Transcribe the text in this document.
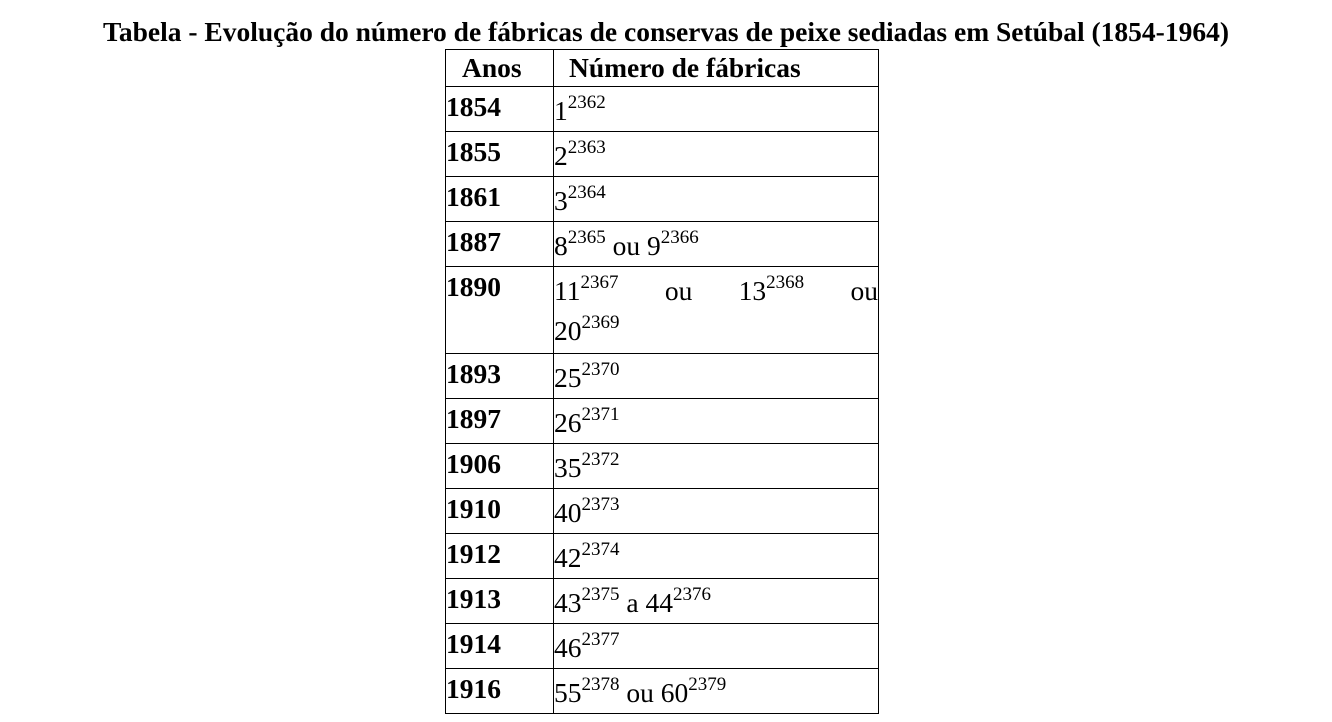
Tabela - Evolução do número de fábricas de conservas de peixe sediadas em Setúbal (1854-1964)
Anos	Número de fábricas
1854	$1^{2362}$

1855	$2^{2363}$

1861	$3^{2364}$

1887	$8^{2365}$ ou $9^{2366}$

1890	$11^{2367}$ ou $13^{2368}$ ou
$20^{2369}$

1893	$25^{2370}$

1897	$26^{2371}$

1906	$35^{2372}$

1910	$40^{2373}$

1912	$42^{2374}$

1913	$43^{2375}$ a $44^{2376}$

1914	$46^{2377}$

1916	$55^{2378}$ ou $60^{2379}$
